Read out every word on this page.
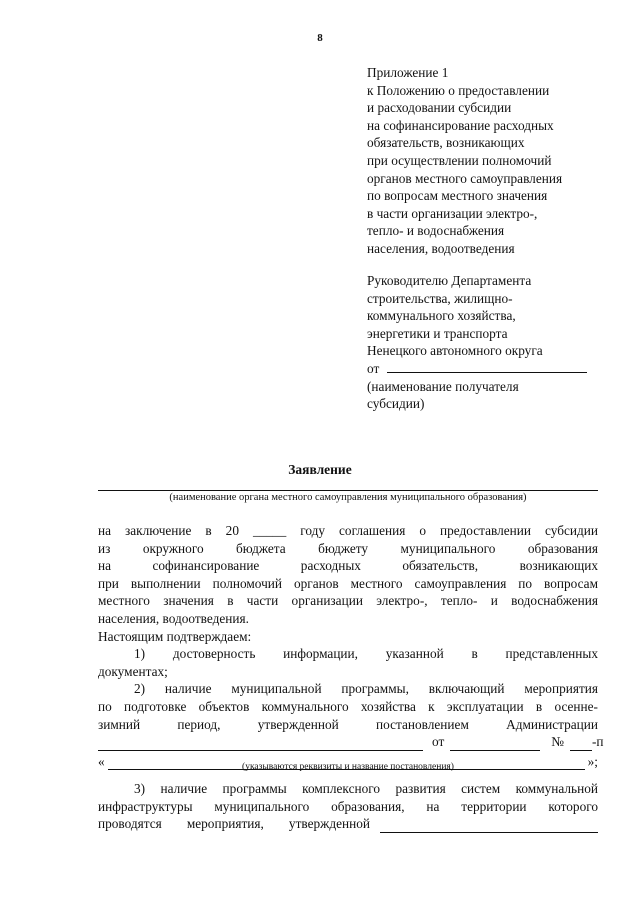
8
Приложение 1
к Положению о предоставлении
и расходовании субсидии
на софинансирование расходных
обязательств, возникающих
при осуществлении полномочий
органов местного самоуправления
по вопросам местного значения
в части организации электро-,
тепло- и водоснабжения
населения, водоотведения
Руководителю Департамента
строительства, жилищно-
коммунального хозяйства,
энергетики и транспорта
Ненецкого автономного округа
от
(наименование получателя
субсидии)
Заявление
(наименование органа местного самоуправления муниципального образования)
на заключение в 20 _____ году соглашения о предоставлении субсидии
из окружного бюджета бюджету муниципального образования
на софинансирование расходных обязательств, возникающих
при выполнении полномочий органов местного самоуправления по вопросам
местного значения в части организации электро-, тепло- и водоснабжения
населения, водоотведения.
Настоящим подтверждаем:
1) достоверность информации, указанной в представленных
документах;
2) наличие муниципальной программы, включающий мероприятия
по подготовке объектов коммунального хозяйства к эксплуатации в осенне-
зимний период, утвержденной постановлением Администрации
от	№ -п
«	»;
(указываются реквизиты и название постановления)
3) наличие программы комплексного развития систем коммунальной
инфраструктуры муниципального образования, на территории которого
проводятся мероприятия, утвержденной
